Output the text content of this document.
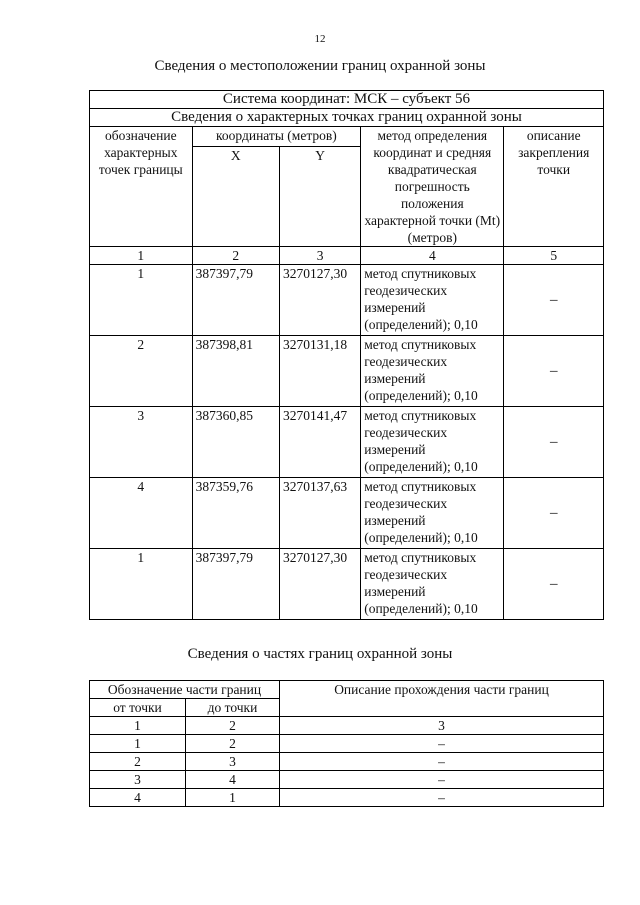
12
Сведения о местоположении границ охранной зоны
Система координат: МСК – субъект 56				
Сведения о характерных точках границ охранной зоны				
обозначение характерных точек границы	координаты (метров)		метод определения координат и средняя квадратическая погрешность положения характерной точки (Mt) (метров)	описание закрепления точки
	X	Y		
1	2	3	4	5
1	387397,79	3270127,30	метод спутниковых геодезических измерений (определений); 0,10	–
2	387398,81	3270131,18	метод спутниковых геодезических измерений (определений); 0,10	–
3	387360,85	3270141,47	метод спутниковых геодезических измерений (определений); 0,10	–
4	387359,76	3270137,63	метод спутниковых геодезических измерений (определений); 0,10	–
1	387397,79	3270127,30	метод спутниковых геодезических измерений (определений); 0,10	–
Сведения о частях границ охранной зоны
Обозначение части границ		Описание прохождения части границ
от точки	до точки	
1	2	3
1	2	–
2	3	–
3	4	–
4	1	–
